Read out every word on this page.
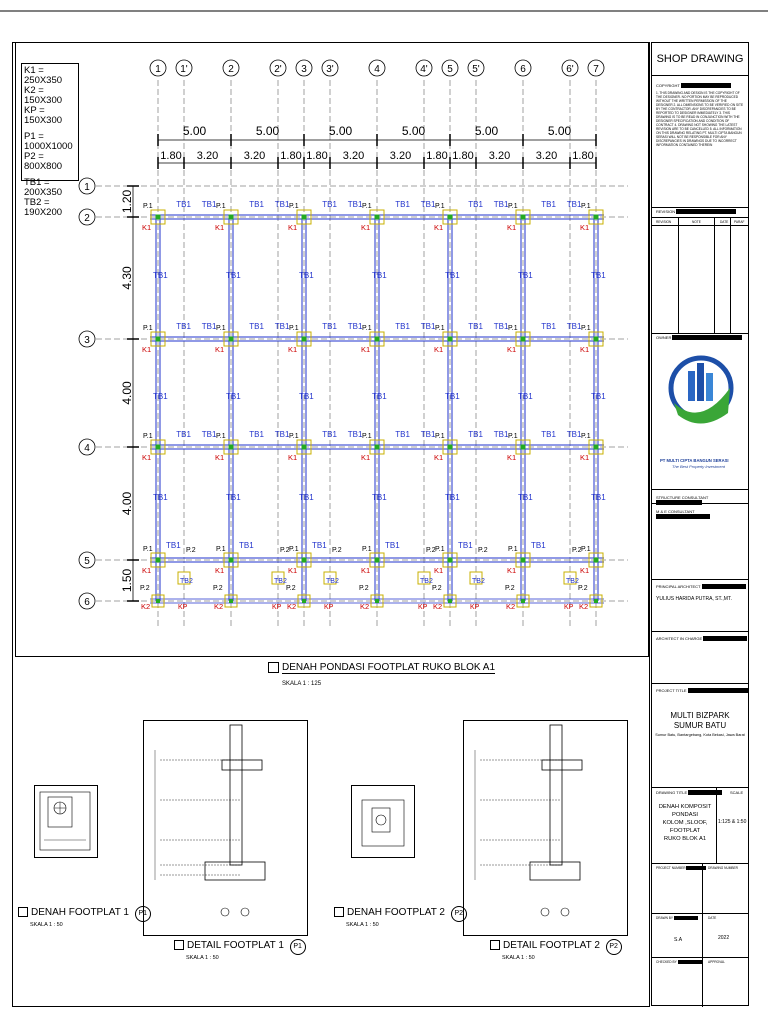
1 1'	2	2' 3 3'	4	4' 5 5'	6	6' 7
1
2
3
4
5
6
5.00	5.00	5.00	5.00	5.00	5.00
1.80 3.20 3.20 1.80 1.80 3.20 3.20 1.80 1.80 3.20 3.20 1.80
1.20
4.30
4.00
4.00
1.50
P.1
K1
P.1
K1
P.1
K1
P.1
K1
P.1
K1
P.1
K1
P.1
K1
P.1
K1
P.1
K1
P.1
K1
P.1
K1
P.1
K1
P.1
K1
P.1
K1
P.1
K1
P.1
K1
P.1
K1
P.1
K1
P.1
K1
P.1
K1
P.1
K1
P.1
K1
P.1
K1
P.1
K1
P.1
K1
P.1
K1
P.1
K1
P.1
K1
P.2
K2
P.2
K2
P.2
K2
P.2
K2
P.2
K2
P.2
K2
P.2
K2
P.2
TB2
KP
P.2
TB2
KP
P.2
TB2
KP
P.2
TB2
KP
P.2
TB2
KP
P.2
TB2
KP
TB1 TB1	TB1 TB1	TB1 TB1	TB1 TB1	TB1 TB1	TB1 TB1
TB1 TB1	TB1 TB1	TB1 TB1	TB1 TB1	TB1 TB1	TB1 TB1
TB1 TB1	TB1 TB1	TB1 TB1	TB1 TB1	TB1 TB1	TB1 TB1
TB1	TB1	TB1	TB1	TB1	TB1
TB1	TB1	TB1	TB1	TB1	TB1	TB1
TB1	TB1	TB1	TB1	TB1	TB1	TB1
TB1	TB1	TB1	TB1	TB1	TB1	TB1
K1 = 250X350
K2 = 150X300
KP = 150X300
P1 = 1000X1000
P2 = 800X800
TB1 = 200X350
TB2 = 190X200
DENAH PONDASI FOOTPLAT RUKO BLOK A1
SKALA 1 : 125
DENAH FOOTPLAT 1 P1
SKALA 1 : 50
DETAIL FOOTPLAT 1 P1
SKALA 1 : 50
DENAH FOOTPLAT 2 P2
SKALA 1 : 50
DETAIL FOOTPLAT 2 P2
SKALA 1 : 50
SHOP DRAWING
COPYRIGHT
1. THIS DRAWING AND DESIGN IS THE COPYRIGHT OF THE DESIGNER. NO PORTION MAY BE REPRODUCED WITHOUT THE WRITTEN PERMISSION OF THE DESIGNER 2. ALL DIMENSIONS TO BE VERIFIED ON SITE BY THE CONTRACTOR. ANY DISCREPANCIES TO BE REPORTED TO DESIGNER IMMEDIATELY 3. THIS DRAWING IS TO BE READ IN CONJUNCTION WITH THE DESIGNER SPECIFICATION AND CONDITION OF CONTRACT 4. DRAWING NOT SHOWING THE LATEST REVISION ARE TO BE CANCELLED 5. ALL INFORMATION ON THIS DRAWING RELATING PT. MULTI CIPTA BANGUN SERASI WILL NOT BE RESPONSIBLE FOR ANY DISCREPANCIES IN DRAWINGS DUE TO INCORRECT INFORMATION CONTAINED THEREIN
REVISION
REVISION	NOTE	DATE PARAF
OWNER
PT MULTI CIPTA BANGUN SERASI
The Best Property Investment
STRUCTURE CONSULTANT
M & E CONSULTANT
PRINCIPAL ARCHITECT
YULIUS HARIDA PUTRA, ST.,MT.
ARCHITECT IN CHARGE
PROJECT TITLE
MULTI BIZPARK
SUMUR BATU
Sumur Batu, Bantargebang, Kota Bekasi, Jawa Barat
DRAWING TITLE	SCALE
DENAH KOMPOSIT
PONDASI
KOLOM ,SLOOF,
FOOTPLAT
RUKO BLOK A1
1:125 & 1:50
PROJECT NUMBER	DRAWING NUMBER
DRAWN BY	DATE
S.A	2022
CHECKED BY	APPROVAL
